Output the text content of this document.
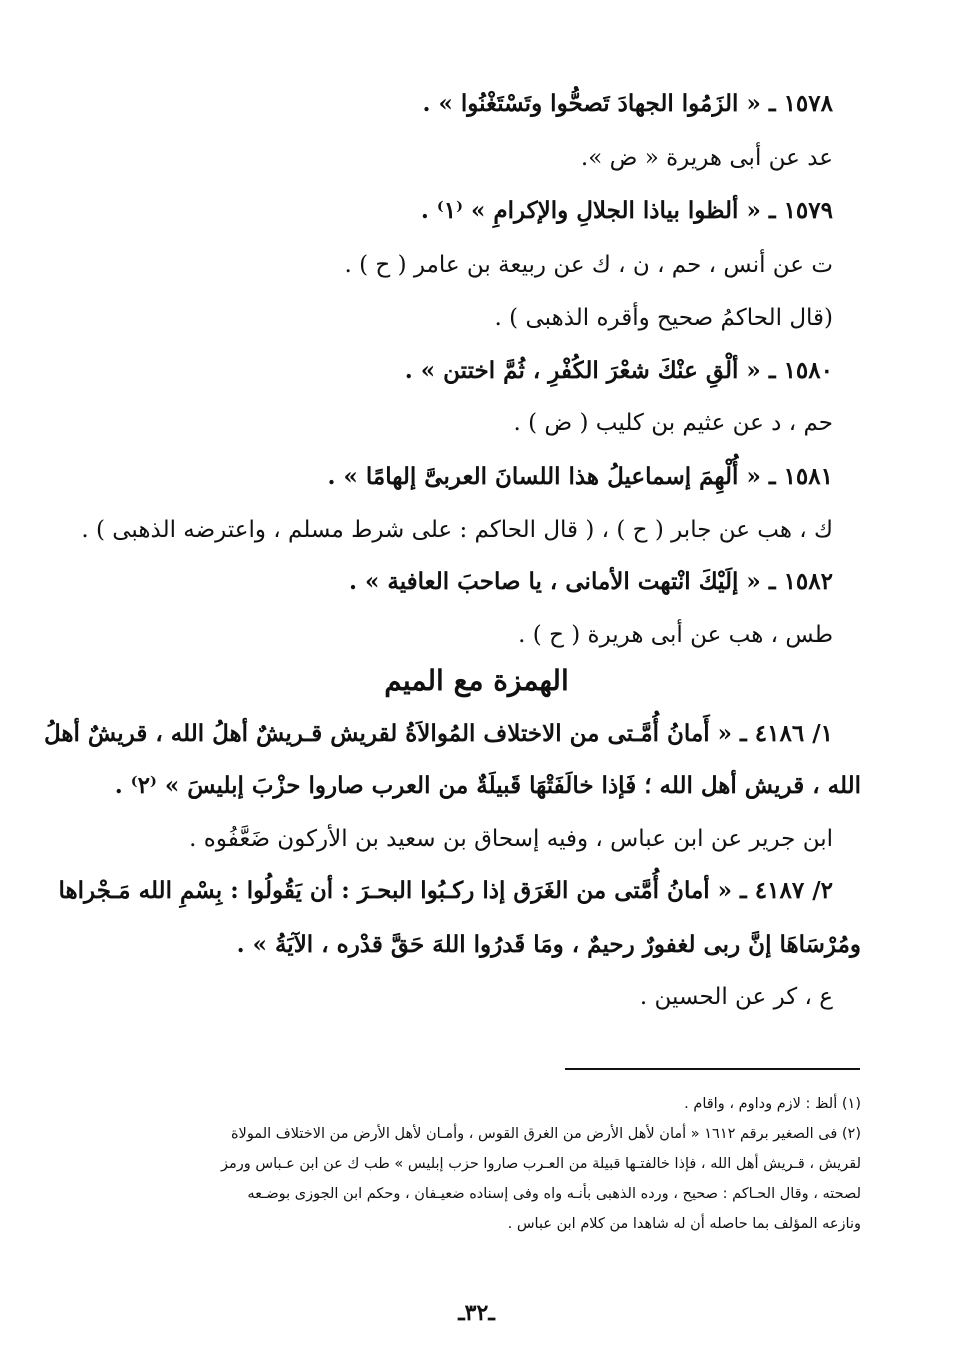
١٥٧٨ ـ « الزَمُوا الجهادَ تَصحُّوا وتَسْتَغْنُوا » .
عد عن أبى هريرة « ض ».
١٥٧٩ ـ « ألظوا بياذا الجلالِ والإكرامِ » ⁽١⁾ .
ت عن أنس ، حم ، ن ، ك عن ربيعة بن عامر ( ح ) .
(قال الحاكمُ صحيح وأقره الذهبى ) .
١٥٨٠ ـ « ألْقِ عنْكَ شعْرَ الكُفْرِ ، ثُمَّ اختتن » .
حم ، د عن عثيم بن كليب ( ض ) .
١٥٨١ ـ « أُلْهِمَ إسماعيلُ هذا اللسانَ العربىَّ إلهامًا » .
ك ، هب عن جابر ( ح ) ، ( قال الحاكم : على شرط مسلم ، واعترضه الذهبى ) .
١٥٨٢ ـ « إلَيْكَ انْتهت الأمانى ، يا صاحبَ العافية » .
طس ، هب عن أبى هريرة ( ح ) .
الهمزة مع الميم
١/ ٤١٨٦ ـ « أَمانُ أُمَّـتى من الاختلاف المُوالاَةُ لقريش قـريشٌ أهلُ الله ، قريشٌ أهلُ
الله ، قريش أهل الله ؛ فَإذا خالَفَتْهَا قَبيلَةٌ من العرب صاروا حزْبَ إبليسَ » ⁽٢⁾ .
ابن جرير عن ابن عباس ، وفيه إسحاق بن سعيد بن الأركون ضَعَّفُوه .
٢/ ٤١٨٧ ـ « أمانُ أُمَّتى من الغَرَق إذا ركـبُوا البحـرَ : أن يَقُولُوا : بِسْمِ الله مَـجْراها
ومُرْسَاهَا إنَّ ربى لغفورٌ رحيمٌ ، ومَا قَدرُوا اللهَ حَقَّ قدْره ، الآيَةُ » .
ع ، كر عن الحسين .
(١) ألظ : لازم وداوم ، واقام .
(٢) فى الصغير برقم ١٦١٢ « أمان لأهل الأرض من الغرق القوس ، وأمـان لأهل الأرض من الاختلاف المولاة
لقريش ، قـريش أهل الله ، فإذا خالفتـها قبيلة من العـرب صاروا حزب إبليس » طب ك عن ابن عـباس ورمز
لصحته ، وقال الحـاكم : صحيح ، ورده الذهبى بأنـه واه وفى إسناده ضعيـفان ، وحكم ابن الجوزى بوضـعه
ونازعه المؤلف بما حاصله أن له شاهدا من كلام ابن عباس .
ـ٣٢ـ
